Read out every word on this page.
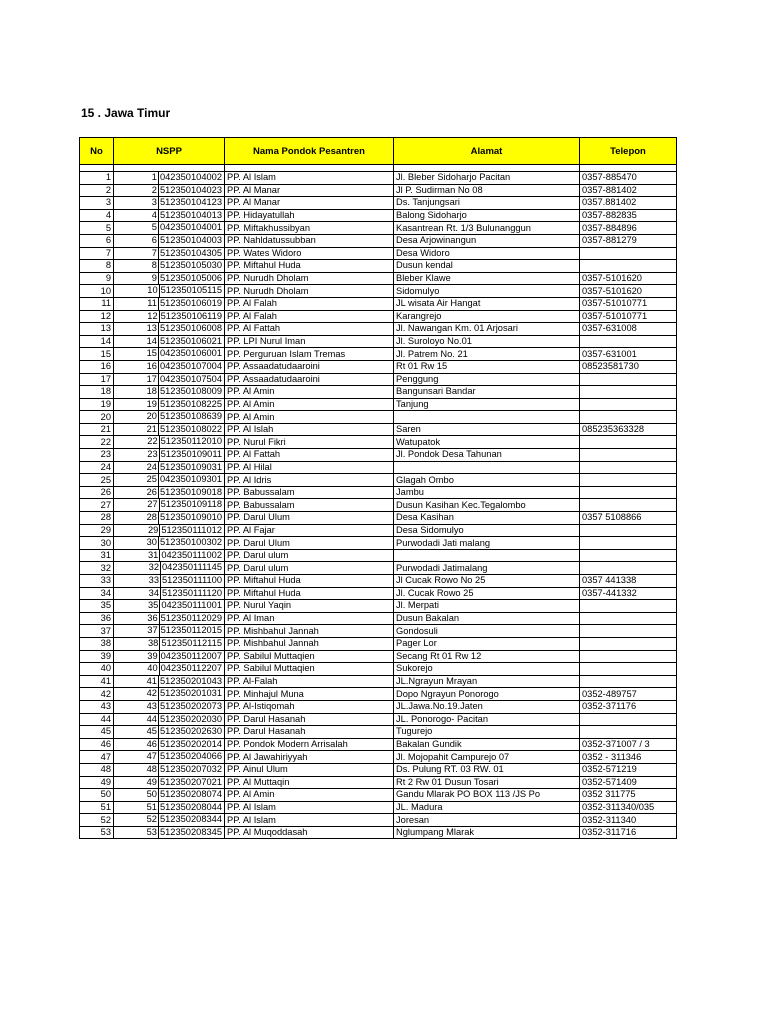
15 . Jawa Timur
No	NSPP	Nama Pondok Pesantren	Alamat	Telepon

1	1 042350104002	PP. Al Islam	Jl. Bleber Sidoharjo Pacitan	0357-885470
2	2 512350104023	PP. Al Manar	Jl P. Sudirman No 08	0357-881402
3	3 512350104123	PP. Al Manar	Ds. Tanjungsari	0357.881402
4	4 512350104013	PP. Hidayatullah	Balong Sidoharjo	0357-882835
5	5 042350104001	PP. Miftakhussibyan	Kasantrean Rt. 1/3 Bulunanggun	0357-884896
6	6 512350104003	PP. Nahldatussubban	Desa Arjowinangun	0357-881279
7	7 512350104305	PP. Wates Widoro	Desa Widoro	
8	8 512350105030	PP. Miftahul Huda	Dusun kendal	
9	9 512350105006	PP. Nurudh Dholam	Bleber Klawe	0357-5101620
10	10 512350105115	PP. Nurudh Dholam	Sidomulyo	0357-5101620
11	11 512350106019	PP. Al Falah	JL wisata Air Hangat	0357-51010771
12	12 512350106119	PP. Al Falah	Karangrejo	0357-51010771
13	13 512350106008	PP. Al Fattah	Jl. Nawangan Km. 01 Arjosari	0357-631008
14	14 512350106021	PP. LPI Nurul Iman	Jl. Suroloyo No.01	
15	15 042350106001	PP. Perguruan Islam Tremas	Jl. Patrem No. 21	0357-631001
16	16 042350107004	PP. Assaadatudaaroini	Rt 01 Rw 15	08523581730
17	17 042350107504	PP. Assaadatudaaroini	Penggung	
18	18 512350108009	PP. Al Amin	Bangunsari Bandar	
19	19 512350108225	PP. Al Amin	Tanjung	
20	20 512350108639	PP. Al Amin		
21	21 512350108022	PP. Al Islah	Saren	085235363328
22	22 512350112010	PP. Nurul Fikri	Watupatok	
23	23 512350109011	PP. Al Fattah	Jl. Pondok Desa Tahunan	
24	24 512350109031	PP. Al Hilal		
25	25 042350109301	PP. Al Idris	Glagah Ombo	
26	26 512350109018	PP. Babussalam	Jambu	
27	27 512350109118	PP. Babussalam	Dusun Kasihan Kec.Tegalombo	
28	28 512350109010	PP. Darul Ulum	Desa Kasihan	0357 5108866
29	29 512350111012	PP. Al Fajar	Desa Sidomulyo	
30	30 512350100302	PP. Darul Ulum	Purwodadi Jati malang	
31	31 042350111002	PP. Darul ulum		
32	32 042350111145	PP. Darul ulum	Purwodadi Jatimalang	
33	33 512350111100	PP. Miftahul Huda	Jl Cucak Rowo No 25	0357 441338
34	34 512350111120	PP. Miftahul Huda	Jl. Cucak Rowo 25	0357-441332
35	35 042350111001	PP. Nurul Yaqin	Jl. Merpati	
36	36 512350112029	PP. Al Iman	Dusun Bakalan	
37	37 512350112015	PP. Mishbahul Jannah	Gondosuli	
38	38 512350112115	PP. Mishbahul Jannah	Pager Lor	
39	39 042350112007	PP. Sabilul Muttaqien	Secang Rt 01 Rw 12	
40	40 042350112207	PP. Sabilul Muttaqien	Sukorejo	
41	41 512350201043	PP. Al-Falah	JL.Ngrayun Mrayan	
42	42 512350201031	PP. Minhajul Muna	Dopo Ngrayun Ponorogo	0352-489757
43	43 512350202073	PP. Al-Istiqomah	JL.Jawa.No.19.Jaten	0352-371176
44	44 512350202030	PP. Darul Hasanah	JL. Ponorogo- Pacitan	
45	45 512350202630	PP. Darul Hasanah	Tugurejo	
46	46 512350202014	PP. Pondok Modern Arrisalah	Bakalan Gundik	0352-371007 / 3
47	47 512350204066	PP. Al Jawahiriyyah	Jl. Mojopahit Campurejo 07	0352 - 311346
48	48 512350207032	PP. Ainul Ulum	Ds. Pulung RT. 03 RW. 01	0352-571219
49	49 512350207021	PP. Al Muttaqin	Rt 2 Rw 01 Dusun Tosari	0352-571409
50	50 512350208074	PP. Al Amin	Gandu Mlarak PO BOX 113 /JS Po	0352 311775
51	51 512350208044	PP. Al Islam	JL. Madura	0352-311340/035
52	52 512350208344	PP. Al Islam	Joresan	0352-311340
53	53 512350208345	PP. Al Muqoddasah	Nglumpang Mlarak	0352-311716
